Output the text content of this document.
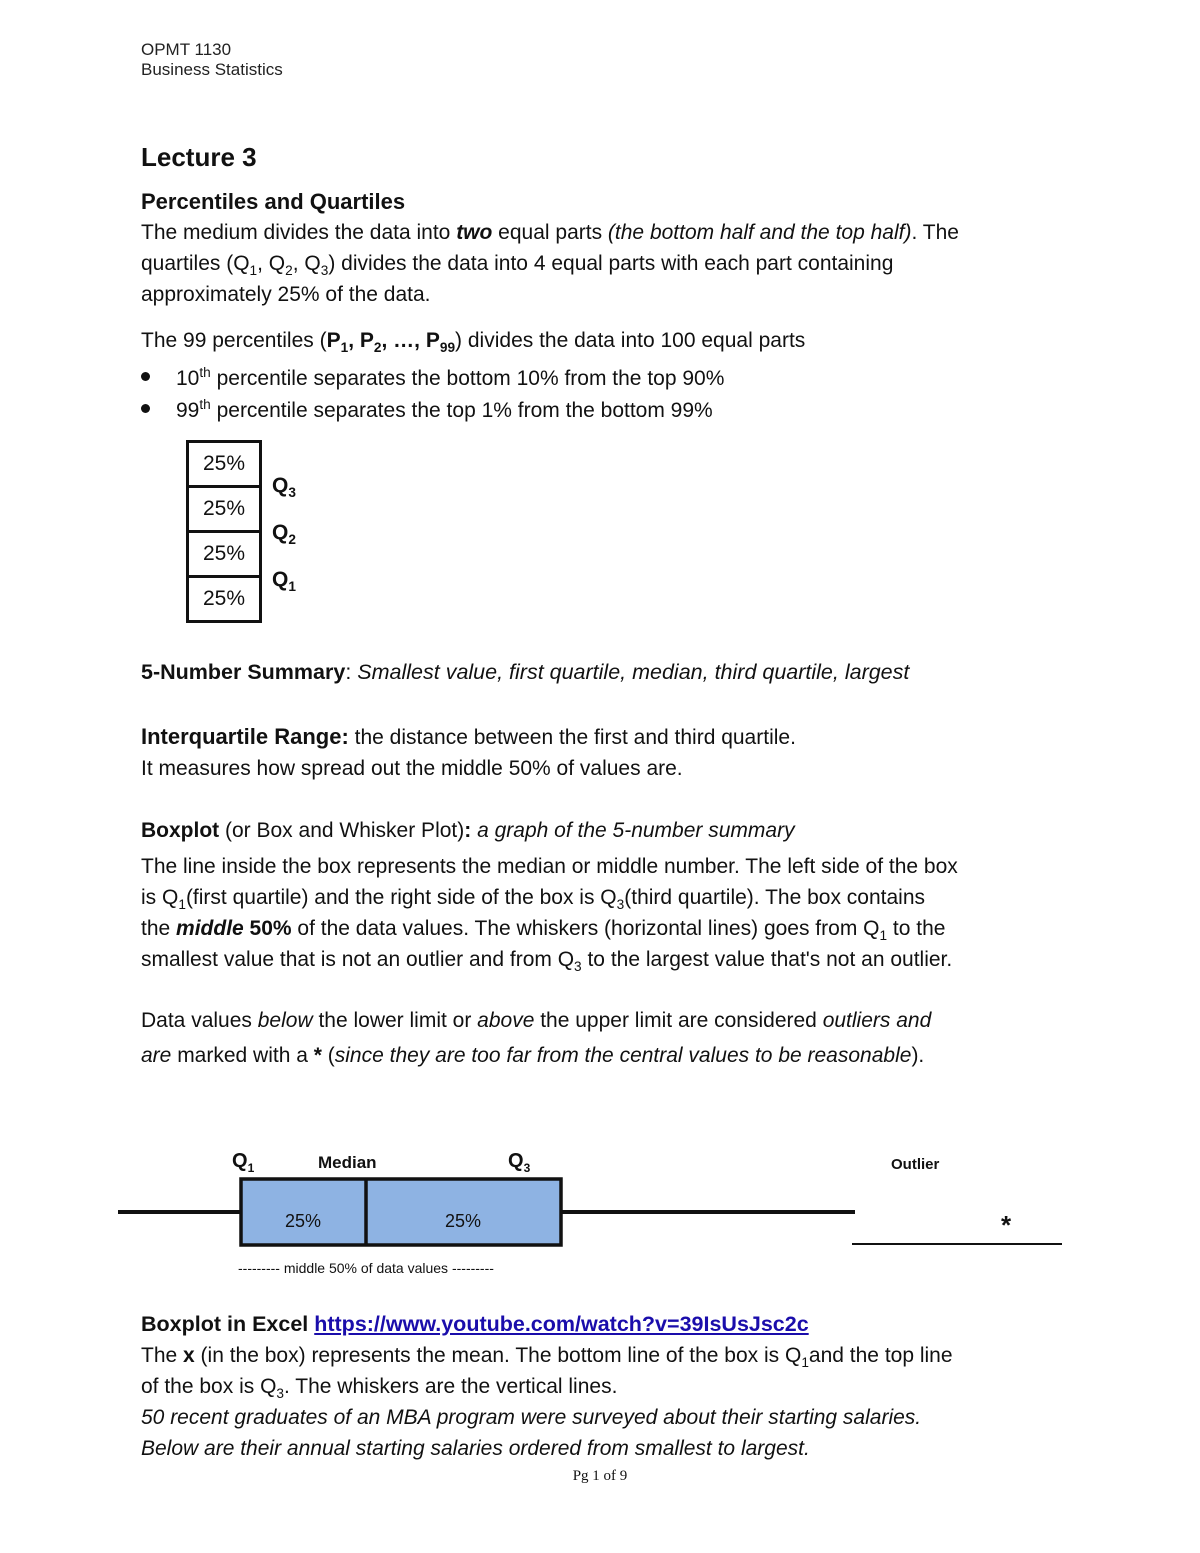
OPMT 1130
Business Statistics
Lecture 3
Percentiles and Quartiles
The medium divides the data into two equal parts (the bottom half and the top half). The
quartiles ($Q_1$, $Q_2$, $Q_3$) divides the data into 4 equal parts with each part containing
approximately 25% of the data.
The 99 percentiles ($P_1$, $P_2$, …, $P_{99}$) divides the data into 100 equal parts
10th percentile separates the bottom 10% from the top 90%
99th percentile separates the top 1% from the bottom 99%
25%
25%
25%
25%
$Q_3$
$Q_2$
$Q_1$
5-Number Summary: Smallest value, first quartile, median, third quartile, largest
Interquartile Range: the distance between the first and third quartile.
It measures how spread out the middle 50% of values are.
Boxplot (or Box and Whisker Plot): a graph of the 5-number summary
The line inside the box represents the median or middle number. The left side of the box
is $Q_1(first$ quartile) and the right side of the box is $Q_3(third$ quartile). The box contains
the middle 50% of the data values. The whiskers (horizontal lines) goes from $Q_1$ to the
smallest value that is not an outlier and from $Q_3$ to the largest value that's not an outlier.
Data values below the lower limit or above the upper limit are considered outliers and
are marked with a * (since they are too far from the central values to be reasonable).
$Q_1$	Median	$Q_3$	Outlier
25%	25%	*
--------- middle 50% of data values ---------
Boxplot in Excel https://www.youtube.com/watch?v=39IsUsJsc2c
The x (in the box) represents the mean. The bottom line of the box is $Q_1and$ the top line
of the box is $Q_3$. The whiskers are the vertical lines.
50 recent graduates of an MBA program were surveyed about their starting salaries.
Below are their annual starting salaries ordered from smallest to largest.
Pg 1 of 9
